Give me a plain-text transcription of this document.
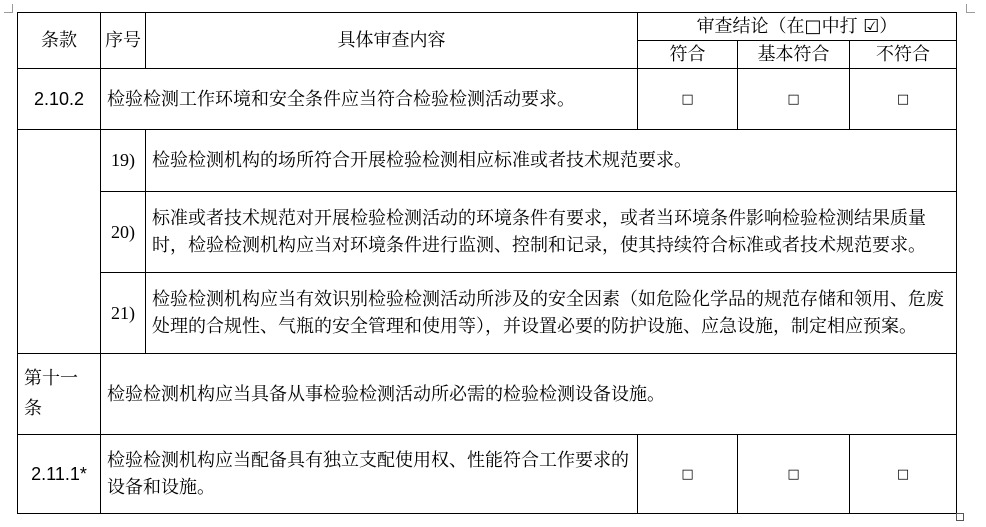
条款	序号	具体审查内容	审查结论（在□中打 ☑）		
			符合	基本符合	不符合
2.10.2	检验检测工作环境和安全条件应当符合检验检测活动要求。		□	□	□
	19)	检验检测机构的场所符合开展检验检测相应标准或者技术规范要求。			
	20)	标准或者技术规范对开展检验检测活动的环境条件有要求，或者当环境条件影响检验检测结果质量时，检验检测机构应当对环境条件进行监测、控制和记录，使其持续符合标准或者技术规范要求。			
	21)	检验检测机构应当有效识别检验检测活动所涉及的安全因素（如危险化学品的规范存储和领用、危废处理的合规性、气瓶的安全管理和使用等），并设置必要的防护设施、应急设施，制定相应预案。			
第十一条	检验检测机构应当具备从事检验检测活动所必需的检验检测设备设施。				
2.11.1*	检验检测机构应当配备具有独立支配使用权、性能符合工作要求的设备和设施。		□	□	□
